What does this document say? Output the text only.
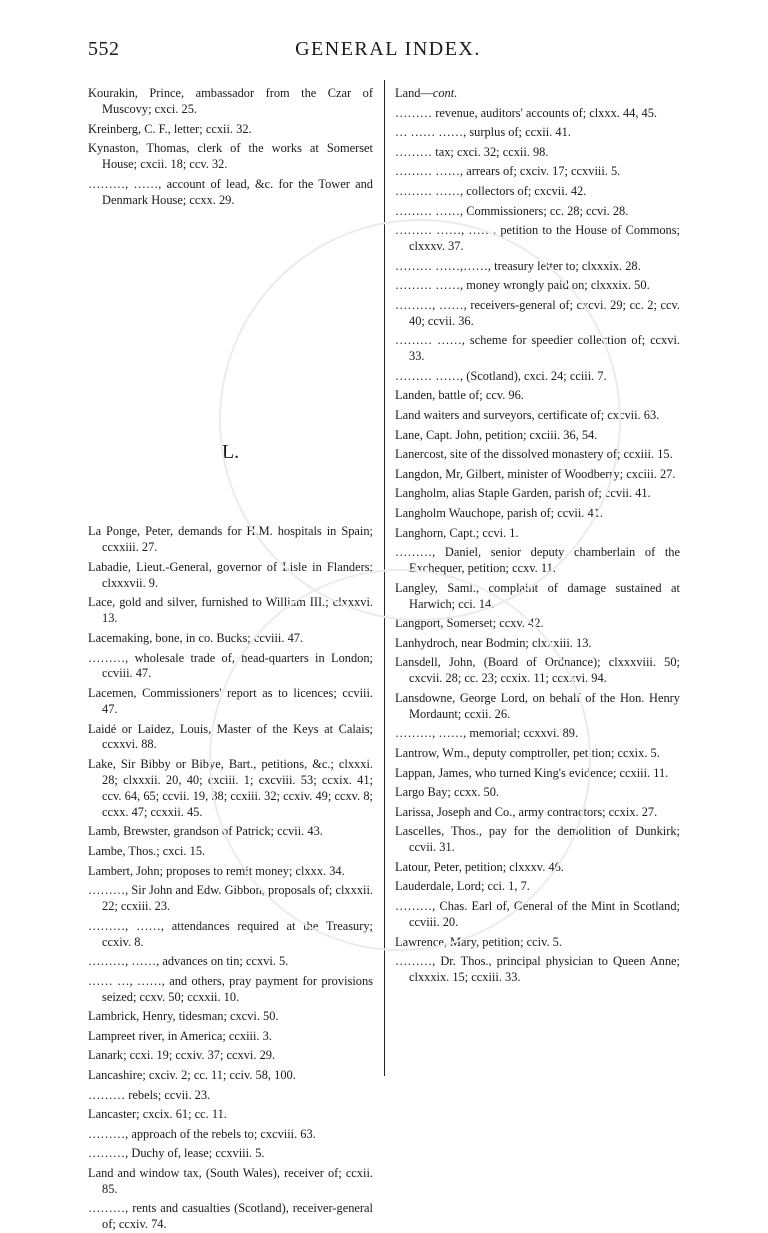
552	GENERAL INDEX.
Kourakin, Prince, ambassador from the Czar of Muscovy; cxci. 25.
Kreinberg, C. F., letter; ccxii. 32.
Kynaston, Thomas, clerk of the works at Somerset House; cxcii. 18; ccv. 32.
………, ……, account of lead, &c. for the Tower and Denmark House; ccxx. 29.
L.
La Ponge, Peter, demands for H.M. hospitals in Spain; ccxxiii. 27.
Labadie, Lieut.-General, governor of Lisle in Flanders; clxxxvii. 9.
Lace, gold and silver, furnished to William III.; clxxxvi. 13.
Lacemaking, bone, in co. Bucks; ccviii. 47.
………, wholesale trade of, head-quarters in London; ccviii. 47.
Lacemen, Commissioners' report as to licences; ccviii. 47.
Laidé or Laidez, Louis, Master of the Keys at Calais; ccxxvi. 88.
Lake, Sir Bibby or Bibye, Bart., petitions, &c.; clxxxi. 28; clxxxii. 20, 40; cxciii. 1; cxcviii. 53; ccxix. 41; ccv. 64, 65; ccvii. 19, 38; ccxiii. 32; ccxiv. 49; ccxv. 8; ccxx. 47; ccxxii. 45.
Lamb, Brewster, grandson of Patrick; ccvii. 43.
Lambe, Thos.; cxci. 15.
Lambert, John; proposes to remit money; clxxx. 34.
………, Sir John and Edw. Gibbon, proposals of; clxxxii. 22; ccxiii. 23.
………, ……, attendances required at the Treasury; ccxiv. 8.
………, ……, advances on tin; ccxvi. 5.
…… …, ……, and others, pray payment for provisions seized; ccxv. 50; ccxxii. 10.
Lambrick, Henry, tidesman; cxcvi. 50.
Lampreet river, in America; ccxiii. 3.
Lanark; ccxi. 19; ccxiv. 37; ccxvi. 29.
Lancashire; cxciv. 2; cc. 11; cciv. 58, 100.
……… rebels; ccvii. 23.
Lancaster; cxcix. 61; cc. 11.
………, approach of the rebels to; cxcviii. 63.
………, Duchy of, lease; ccxviii. 5.
Land and window tax, (South Wales), receiver of; ccxii. 85.
………, rents and casualties (Scotland), receiver-general of; ccxiv. 74.
Land—cont.
……… revenue, auditors' accounts of; clxxx. 44, 45.
… …… ……, surplus of; ccxii. 41.
……… tax; cxci. 32; ccxii. 98.
……… ……, arrears of; cxciv. 17; ccxviii. 5.
……… ……, collectors of; cxcvii. 42.
……… ……, Commissioners; cc. 28; ccvi. 28.
……… ……, ……, petition to the House of Commons; clxxxv. 37.
……… ……,……, treasury letter to; clxxxix. 28.
……… ……, money wrongly paid on; clxxxix. 50.
………, ……, receivers-general of; cxcvi. 29; cc. 2; ccv. 40; ccvii. 36.
……… ……, scheme for speedier collection of; ccxvi. 33.
……… ……, (Scotland), cxci. 24; cciii. 7.
Landen, battle of; ccv. 96.
Land waiters and surveyors, certificate of; cxcvii. 63.
Lane, Capt. John, petition; cxciii. 36, 54.
Lanercost, site of the dissolved monastery of; ccxiii. 15.
Langdon, Mr, Gilbert, minister of Woodberry; cxciii. 27.
Langholm, alias Staple Garden, parish of; ccvii. 41.
Langholm Wauchope, parish of; ccvii. 41.
Langhorn, Capt.; ccvi. 1.
………, Daniel, senior deputy chamberlain of the Exchequer, petition; ccxv. 11.
Langley, Saml., complaint of damage sustained at Harwich; cci. 14.
Langport, Somerset; ccxv. 42.
Lanhydroch, near Bodmin; clxxxiii. 13.
Lansdell, John, (Board of Ordnance); clxxxviii. 50; cxcvii. 28; cc. 23; ccxix. 11; ccxxvi. 94.
Lansdowne, George Lord, on behalf of the Hon. Henry Mordaunt; ccxii. 26.
………, ……, memorial; ccxxvi. 89.
Lantrow, Wm., deputy comptroller, petition; ccxix. 5.
Lappan, James, who turned King's evidence; ccxiii. 11.
Largo Bay; ccxx. 50.
Larissa, Joseph and Co., army contractors; ccxix. 27.
Lascelles, Thos., pay for the demolition of Dunkirk; ccvii. 31.
Latour, Peter, petition; clxxxv. 46.
Lauderdale, Lord; cci. 1, 7.
………, Chas. Earl of, General of the Mint in Scotland; ccviii. 20.
Lawrence, Mary, petition; cciv. 5.
………, Dr. Thos., principal physician to Queen Anne; clxxxix. 15; ccxiii. 33.
